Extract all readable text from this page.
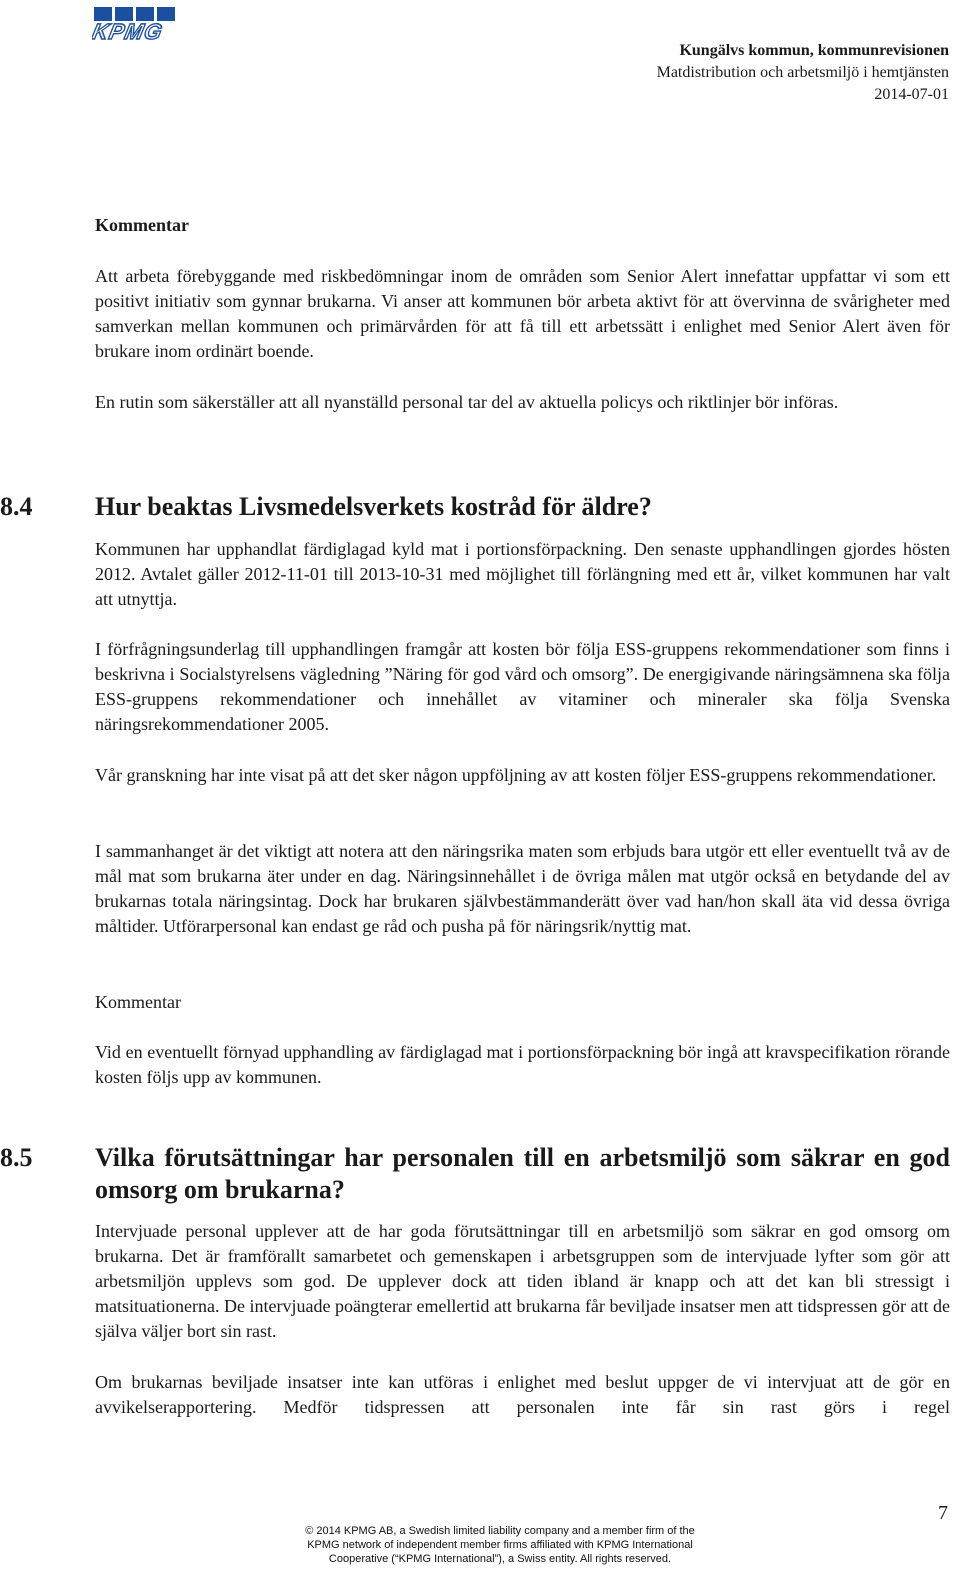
KPMG
Kungälvs kommun, kommunrevisionen
Matdistribution och arbetsmiljö i hemtjänsten
2014-07-01
Kommentar
Att arbeta förebyggande med riskbedömningar inom de områden som Senior Alert innefattar uppfattar vi som ett positivt initiativ som gynnar brukarna. Vi anser att kommunen bör arbeta aktivt för att övervinna de svårigheter med samverkan mellan kommunen och primärvården för att få till ett arbetssätt i enlighet med Senior Alert även för brukare inom ordinärt boende.
En rutin som säkerställer att all nyanställd personal tar del av aktuella policys och riktlinjer bör införas.
8.4 Hur beaktas Livsmedelsverkets kostråd för äldre?
Kommunen har upphandlat färdiglagad kyld mat i portionsförpackning. Den senaste upphandlingen gjordes hösten 2012. Avtalet gäller 2012-11-01 till 2013-10-31 med möjlighet till förlängning med ett år, vilket kommunen har valt att utnyttja.
I förfrågningsunderlag till upphandlingen framgår att kosten bör följa ESS-gruppens rekommendationer som finns i beskrivna i Socialstyrelsens vägledning ”Näring för god vård och omsorg”. De energigivande näringsämnena ska följa ESS-gruppens rekommendationer och innehållet av vitaminer och mineraler ska följa Svenska näringsrekommendationer 2005.
Vår granskning har inte visat på att det sker någon uppföljning av att kosten följer ESS-gruppens rekommendationer.
I sammanhanget är det viktigt att notera att den näringsrika maten som erbjuds bara utgör ett eller eventuellt två av de mål mat som brukarna äter under en dag. Näringsinnehållet i de övriga målen mat utgör också en betydande del av brukarnas totala näringsintag. Dock har brukaren självbestämmanderätt över vad han/hon skall äta vid dessa övriga måltider. Utförarpersonal kan endast ge råd och pusha på för näringsrik/nyttig mat.
Kommentar
Vid en eventuellt förnyad upphandling av färdiglagad mat i portionsförpackning bör ingå att kravspecifikation rörande kosten följs upp av kommunen.
8.5 Vilka förutsättningar har personalen till en arbetsmiljö som säkrar en god omsorg om brukarna?
Intervjuade personal upplever att de har goda förutsättningar till en arbetsmiljö som säkrar en god omsorg om brukarna. Det är framförallt samarbetet och gemenskapen i arbetsgruppen som de intervjuade lyfter som gör att arbetsmiljön upplevs som god. De upplever dock att tiden ibland är knapp och att det kan bli stressigt i matsituationerna. De intervjuade poängterar emellertid att brukarna får beviljade insatser men att tidspressen gör att de själva väljer bort sin rast.
Om brukarnas beviljade insatser inte kan utföras i enlighet med beslut uppger de vi intervjuat att de gör en avvikelserapportering. Medför tidspressen att personalen inte får sin rast görs i regel
© 2014 KPMG AB, a Swedish limited liability company and a member firm of the
KPMG network of independent member firms affiliated with KPMG International
Cooperative (“KPMG International”), a Swiss entity. All rights reserved.
7
